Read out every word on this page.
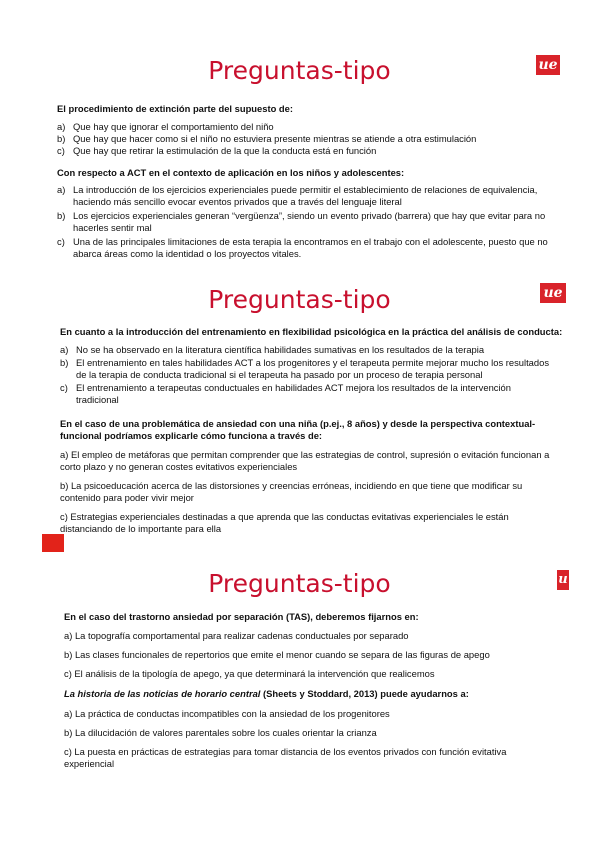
Preguntas-tipo	ue
El procedimiento de extinción parte del supuesto de:
a) Que hay que ignorar el comportamiento del niño
b) Que hay que hacer como si el niño no estuviera presente mientras se atiende a otra estimulación
c) Que hay que retirar la estimulación de la que la conducta está en función
Con respecto a ACT en el contexto de aplicación en los niños y adolescentes:
a) La introducción de los ejercicios experienciales puede permitir el establecimiento de relaciones de equivalencia, haciendo más sencillo evocar eventos privados que a través del lenguaje literal
b) Los ejercicios experienciales generan “vergüenza”, siendo un evento privado (barrera) que hay que evitar para no hacerles sentir mal
c) Una de las principales limitaciones de esta terapia la encontramos en el trabajo con el adolescente, puesto que no abarca áreas como la identidad o los proyectos vitales.
Preguntas-tipo	ue
En cuanto a la introducción del entrenamiento en flexibilidad psicológica en la práctica del análisis de conducta:
a) No se ha observado en la literatura científica habilidades sumativas en los resultados de la terapia
b) El entrenamiento en tales habilidades ACT a los progenitores y el terapeuta permite mejorar mucho los resultados de la terapia de conducta tradicional si el terapeuta ha pasado por un proceso de terapia personal
c) El entrenamiento a terapeutas conductuales en habilidades ACT mejora los resultados de la intervención tradicional
En el caso de una problemática de ansiedad con una niña (p.ej., 8 años) y desde la perspectiva contextual-funcional podríamos explicarle cómo funciona a través de:
a) El empleo de metáforas que permitan comprender que las estrategias de control, supresión o evitación funcionan a corto plazo y no generan costes evitativos experienciales
b) La psicoeducación acerca de las distorsiones y creencias erróneas, incidiendo en que tiene que modificar su contenido para poder vivir mejor
c) Estrategias experienciales destinadas a que aprenda que las conductas evitativas experienciales le están distanciando de lo importante para ella
Preguntas-tipo	u
En el caso del trastorno ansiedad por separación (TAS), deberemos fijarnos en:
a) La topografía comportamental para realizar cadenas conductuales por separado
b) Las clases funcionales de repertorios que emite el menor cuando se separa de las figuras de apego
c) El análisis de la tipología de apego, ya que determinará la intervención que realicemos
La historia de las noticias de horario central (Sheets y Stoddard, 2013) puede ayudarnos a:
a) La práctica de conductas incompatibles con la ansiedad de los progenitores
b) La dilucidación de valores parentales sobre los cuales orientar la crianza
c) La puesta en prácticas de estrategias para tomar distancia de los eventos privados con función evitativa experiencial
